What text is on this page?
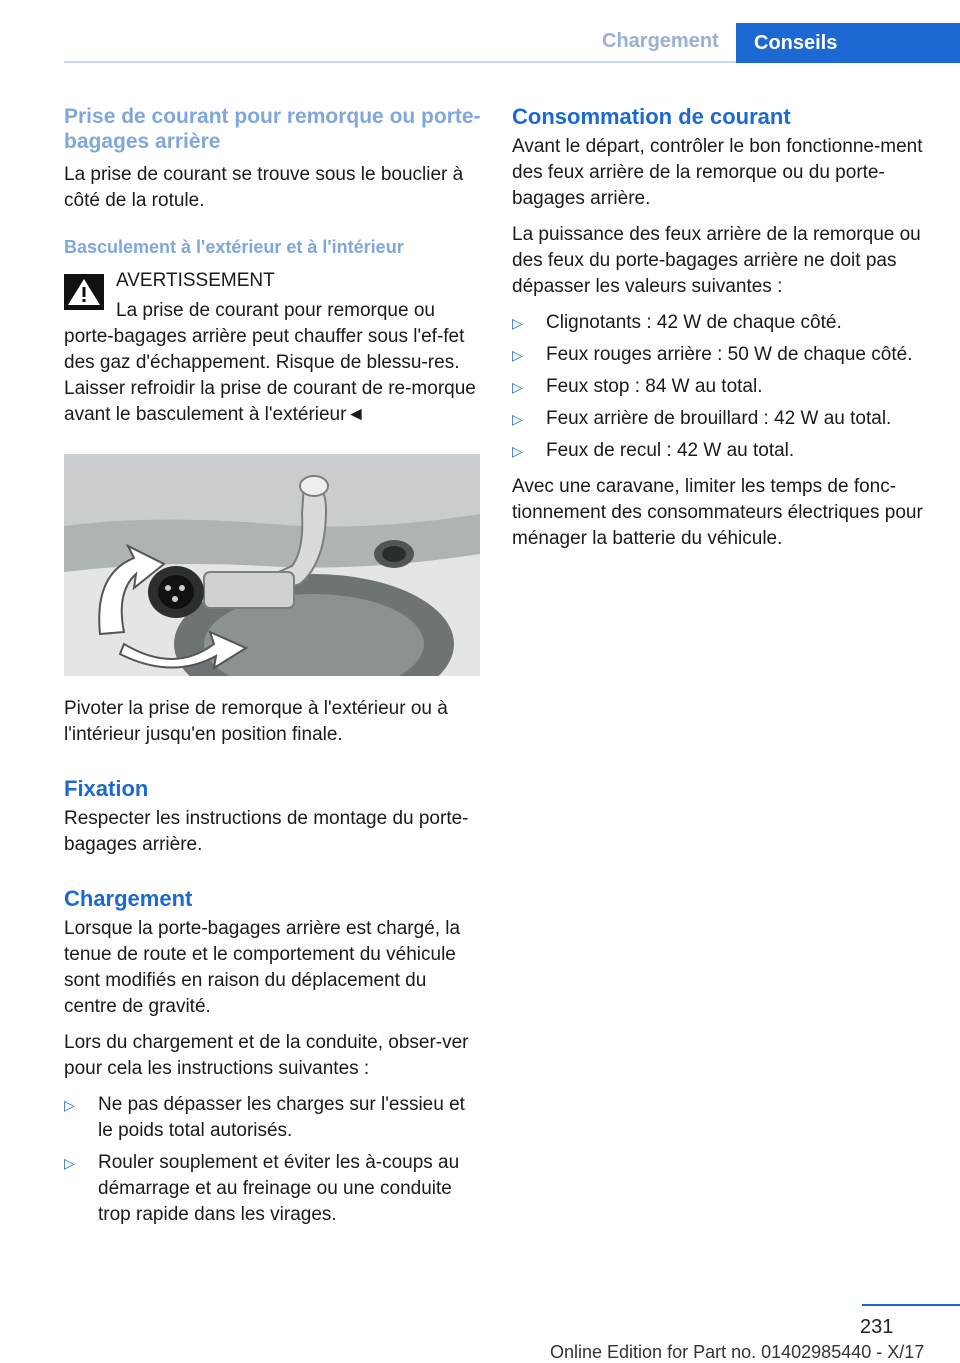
Chargement	Conseils
Prise de courant pour remorque ou porte-bagages arrière

La prise de courant se trouve sous le bouclier à côté de la rotule.

Basculement à l'extérieur et à l'intérieur
AVERTISSEMENT
La prise de courant pour remorque ou porte-bagages arrière peut chauffer sous l'ef-fet des gaz d'échappement. Risque de blessu-res. Laisser refroidir la prise de courant de re-morque avant le basculement à l'extérieur◄

Pivoter la prise de remorque à l'extérieur ou à l'intérieur jusqu'en position finale.

Fixation

Respecter les instructions de montage du porte-bagages arrière.

Chargement

Lorsque la porte-bagages arrière est chargé, la tenue de route et le comportement du véhicule sont modifiés en raison du déplacement du centre de gravité.

Lors du chargement et de la conduite, obser-ver pour cela les instructions suivantes :

▷ Ne pas dépasser les charges sur l'essieu et le poids total autorisés.
▷ Rouler souplement et éviter les à-coups au démarrage et au freinage ou une conduite trop rapide dans les virages.
Consommation de courant

Avant le départ, contrôler le bon fonctionne-ment des feux arrière de la remorque ou du porte-bagages arrière.

La puissance des feux arrière de la remorque ou des feux du porte-bagages arrière ne doit pas dépasser les valeurs suivantes :

▷ Clignotants : 42 W de chaque côté.
▷ Feux rouges arrière : 50 W de chaque côté.
▷ Feux stop : 84 W au total.
▷ Feux arrière de brouillard : 42 W au total.
▷ Feux de recul : 42 W au total.

Avec une caravane, limiter les temps de fonc-tionnement des consommateurs électriques pour ménager la batterie du véhicule.

231
Online Edition for Part no. 01402985440 - X/17
